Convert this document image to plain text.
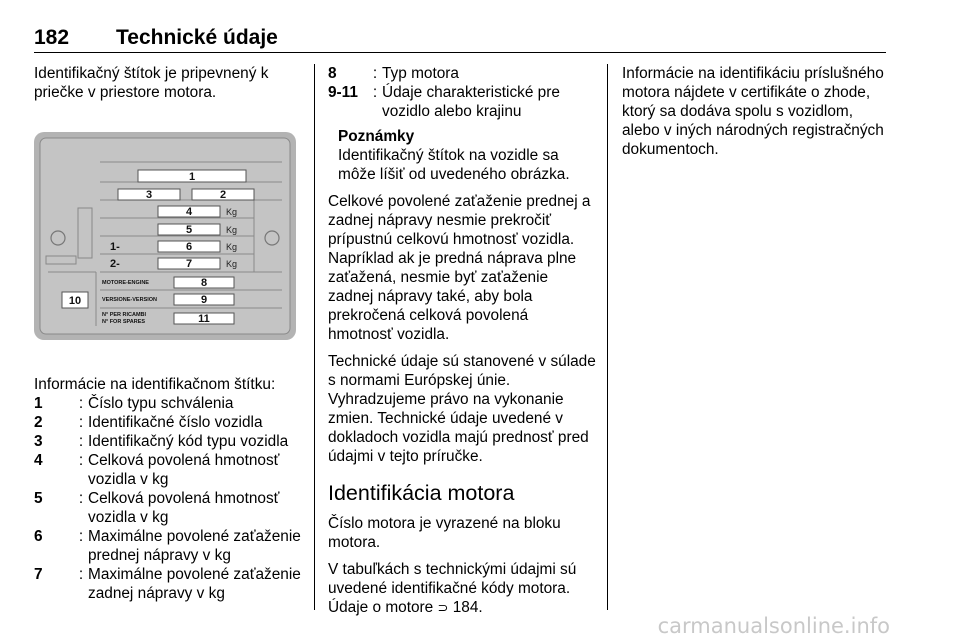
182 Technické údaje

Identifikačný štítok je pripevnený k priečke v priestore motora.

1
3	2
4
5
6
7
8
9
11
10
Kg
Kg
Kg
Kg
1-
2-
MOTORE-ENGINE
VERSIONE-VERSION
N° PER RICAMBI
N° FOR SPARES

Informácie na identifikačnom štítku:

1	: Číslo typu schválenia
2	: Identifikačné číslo vozidla
3	: Identifikačný kód typu vozidla
4	: Celková povolená hmotnosť vozidla v kg
5	: Celková povolená hmotnosť vozidla v kg
6	: Maximálne povolené zaťaženie prednej nápravy v kg
7	: Maximálne povolené zaťaženie zadnej nápravy v kg
8	: Typ motora
9-11 : Údaje charakteristické pre vozidlo alebo krajinu
Poznámky
Identifikačný štítok na vozidle sa môže líšiť od uvedeného obrázka.

Celkové povolené zaťaženie prednej a zadnej nápravy nesmie prekročiť prípustnú celkovú hmotnosť vozidla. Napríklad ak je predná náprava plne zaťažená, nesmie byť zaťaženie zadnej nápravy také, aby bola prekročená celková povolená hmotnosť vozidla.

Technické údaje sú stanovené v súlade s normami Európskej únie. Vyhradzujeme právo na vykonanie zmien. Technické údaje uvedené v dokladoch vozidla majú prednosť pred údajmi v tejto príručke.

Identifikácia motora

Číslo motora je vyrazené na bloku motora.

V tabuľkách s technickými údajmi sú uvedené identifikačné kódy motora. Údaje o motore ⊃ 184.

Informácie na identifikáciu príslušného motora nájdete v certifikáte o zhode, ktorý sa dodáva spolu s vozidlom, alebo v iných národných registračných dokumentoch.

carmanualsonline.info
